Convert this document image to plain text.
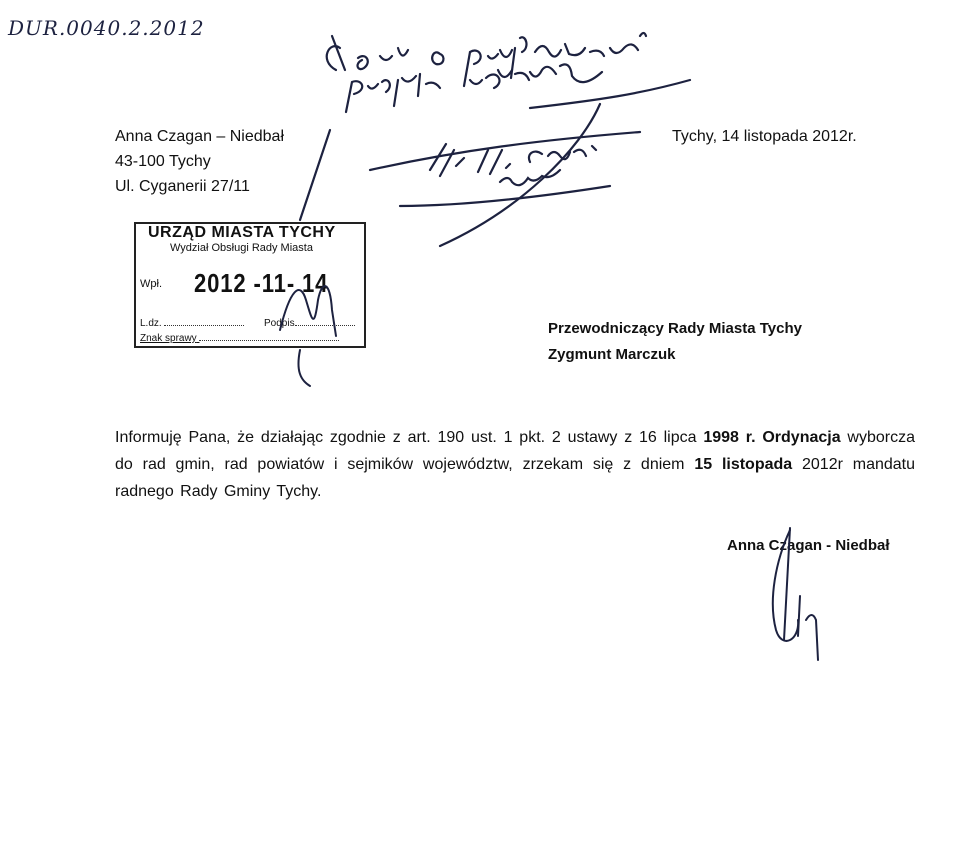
DUR.0040.2.2012
Anna Czagan – Niedbał
43-100 Tychy
Ul. Cyganerii 27/11
Tychy, 14 listopada 2012r.
URZĄD MIASTA TYCHY
Wydział Obsługi Rady Miasta
Wpł. 2012 -11- 14
L.dz.	Podpis
Znak sprawy
Przewodniczący Rady Miasta Tychy
Zygmunt Marczuk
Informuję Pana, że działając zgodnie z art. 190 ust. 1 pkt. 2 ustawy z 16 lipca 1998 r. Ordynacja wyborcza do rad gmin, rad powiatów i sejmików województw, zrzekam się z dniem 15 listopada 2012r mandatu radnego Rady Gminy Tychy.
Anna Czagan - Niedbał
